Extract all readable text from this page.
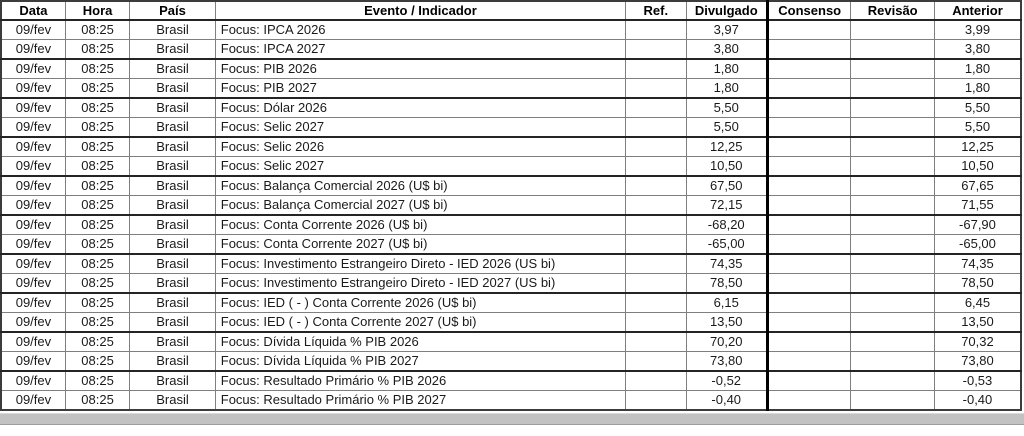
Data	Hora	País	Evento / Indicador	Ref.	Divulgado	Consenso	Revisão	Anterior
09/fev	08:25	Brasil	Focus: IPCA 2026		3,97			3,99
09/fev	08:25	Brasil	Focus: IPCA 2027		3,80			3,80
09/fev	08:25	Brasil	Focus: PIB 2026		1,80			1,80
09/fev	08:25	Brasil	Focus: PIB 2027		1,80			1,80
09/fev	08:25	Brasil	Focus: Dólar 2026		5,50			5,50
09/fev	08:25	Brasil	Focus: Selic 2027		5,50			5,50
09/fev	08:25	Brasil	Focus: Selic 2026		12,25			12,25
09/fev	08:25	Brasil	Focus: Selic 2027		10,50			10,50
09/fev	08:25	Brasil	Focus: Balança Comercial 2026 (U$ bi)		67,50			67,65
09/fev	08:25	Brasil	Focus: Balança Comercial 2027 (U$ bi)		72,15			71,55
09/fev	08:25	Brasil	Focus: Conta Corrente 2026 (U$ bi)		-68,20			-67,90
09/fev	08:25	Brasil	Focus: Conta Corrente 2027 (U$ bi)		-65,00			-65,00
09/fev	08:25	Brasil	Focus: Investimento Estrangeiro Direto - IED 2026 (US bi)		74,35			74,35
09/fev	08:25	Brasil	Focus: Investimento Estrangeiro Direto - IED 2027 (US bi)		78,50			78,50
09/fev	08:25	Brasil	Focus: IED ( - ) Conta Corrente 2026 (U$ bi)		6,15			6,45
09/fev	08:25	Brasil	Focus: IED ( - ) Conta Corrente 2027 (U$ bi)		13,50			13,50
09/fev	08:25	Brasil	Focus: Dívida Líquida % PIB 2026		70,20			70,32
09/fev	08:25	Brasil	Focus: Dívida Líquida % PIB 2027		73,80			73,80
09/fev	08:25	Brasil	Focus: Resultado Primário % PIB 2026		-0,52			-0,53
09/fev	08:25	Brasil	Focus: Resultado Primário % PIB 2027		-0,40			-0,40
